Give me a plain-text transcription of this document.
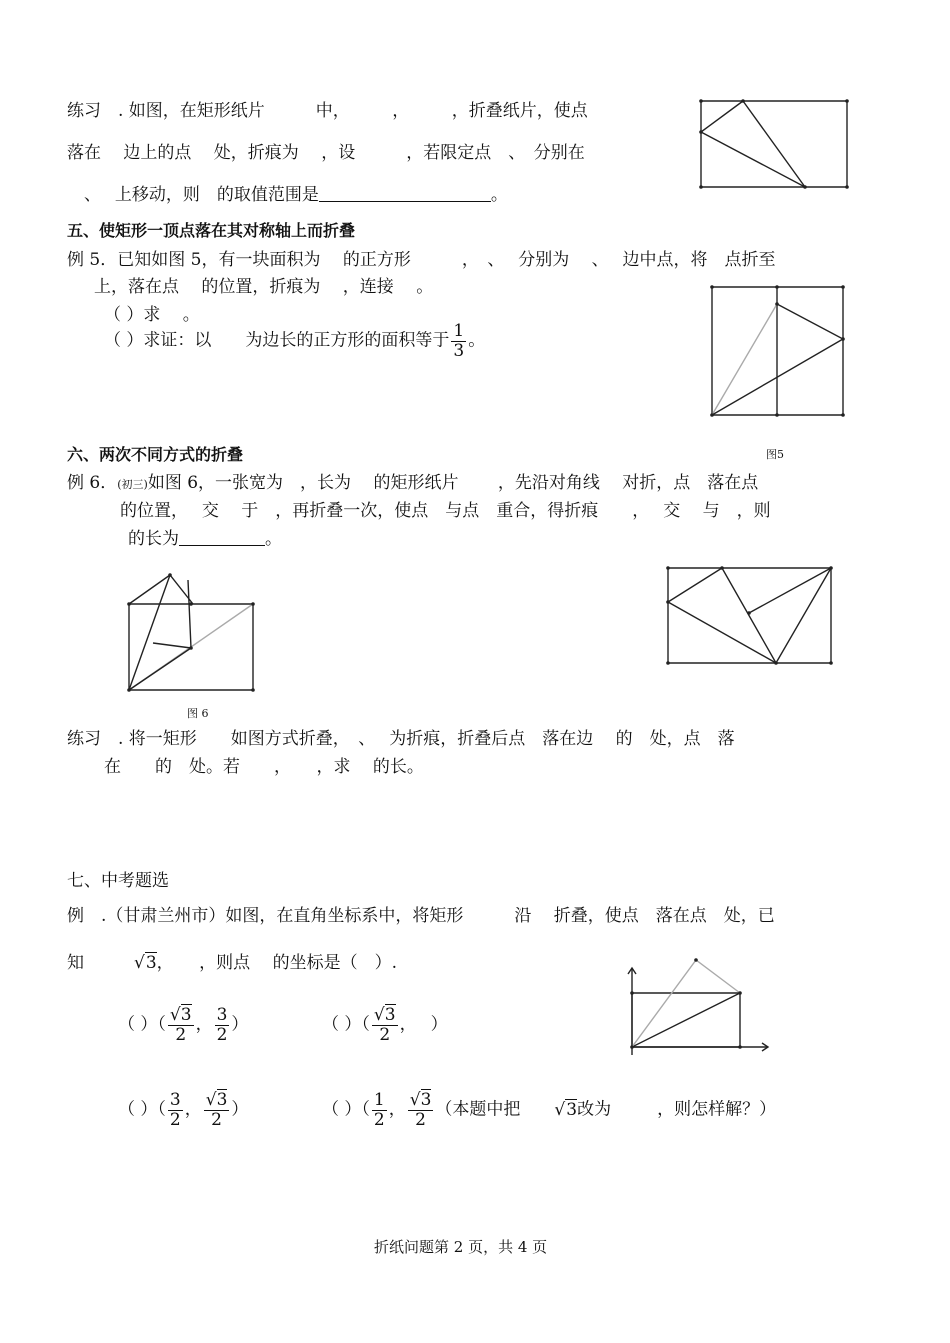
练习　. 如图，在矩形纸片　　　中，　　　，　　　，折叠纸片，使点
落在　 边上的点　 处，折痕为　 ，设　　　，若限定点　、　分别在
　、　 上移动，则　的取值范围是	。
五、使矩形一顶点落在其对称轴上而折叠
例 5．已知如图 5，有一块面积为　 的正方形　　　，　、　 分别为　 、　 边中点，将　点折至
上，落在点　 的位置，折痕为　 ，连接　 。
（ ）求　 。
（ ）求证：以　　为边长的正方形的面积等于 $\frac{1}{3}$ 。
图5
六、两次不同方式的折叠
例 6．(初三)如图 6，一张宽为　，长为　 的矩形纸片　　 ，先沿对角线　 对折，点　落在点
的位置，　 交　 于　，再折叠一次，使点　与点　重合，得折痕　　，　 交　 与　，则
的长为	。
图 6
练习　. 将一矩形　　如图方式折叠，　、　 为折痕，折叠后点　落在边　 的　处，点　落
在　　的　处。若　　，　　，求　 的长。
七、中考题选
例　.（甘肃兰州市）如图，在直角坐标系中，将矩形　　　沿　 折叠，使点　落在点　处，已
知	√3，　　，则点　 的坐标是（　）.
（ ）（ $\frac{√3}{2}$ ， $\frac{3}{2}$ ）	（ ）（ $\frac{√3}{2}$ ， ）
（ ）（ $\frac{3}{2}$ ， $\frac{√3}{2}$ ）	（ ）（ $\frac{1}{2}$ ， $\frac{√3}{2}$ （本题中把 √3改为	，则怎样解？）
折纸问题第 2 页，共 4 页
